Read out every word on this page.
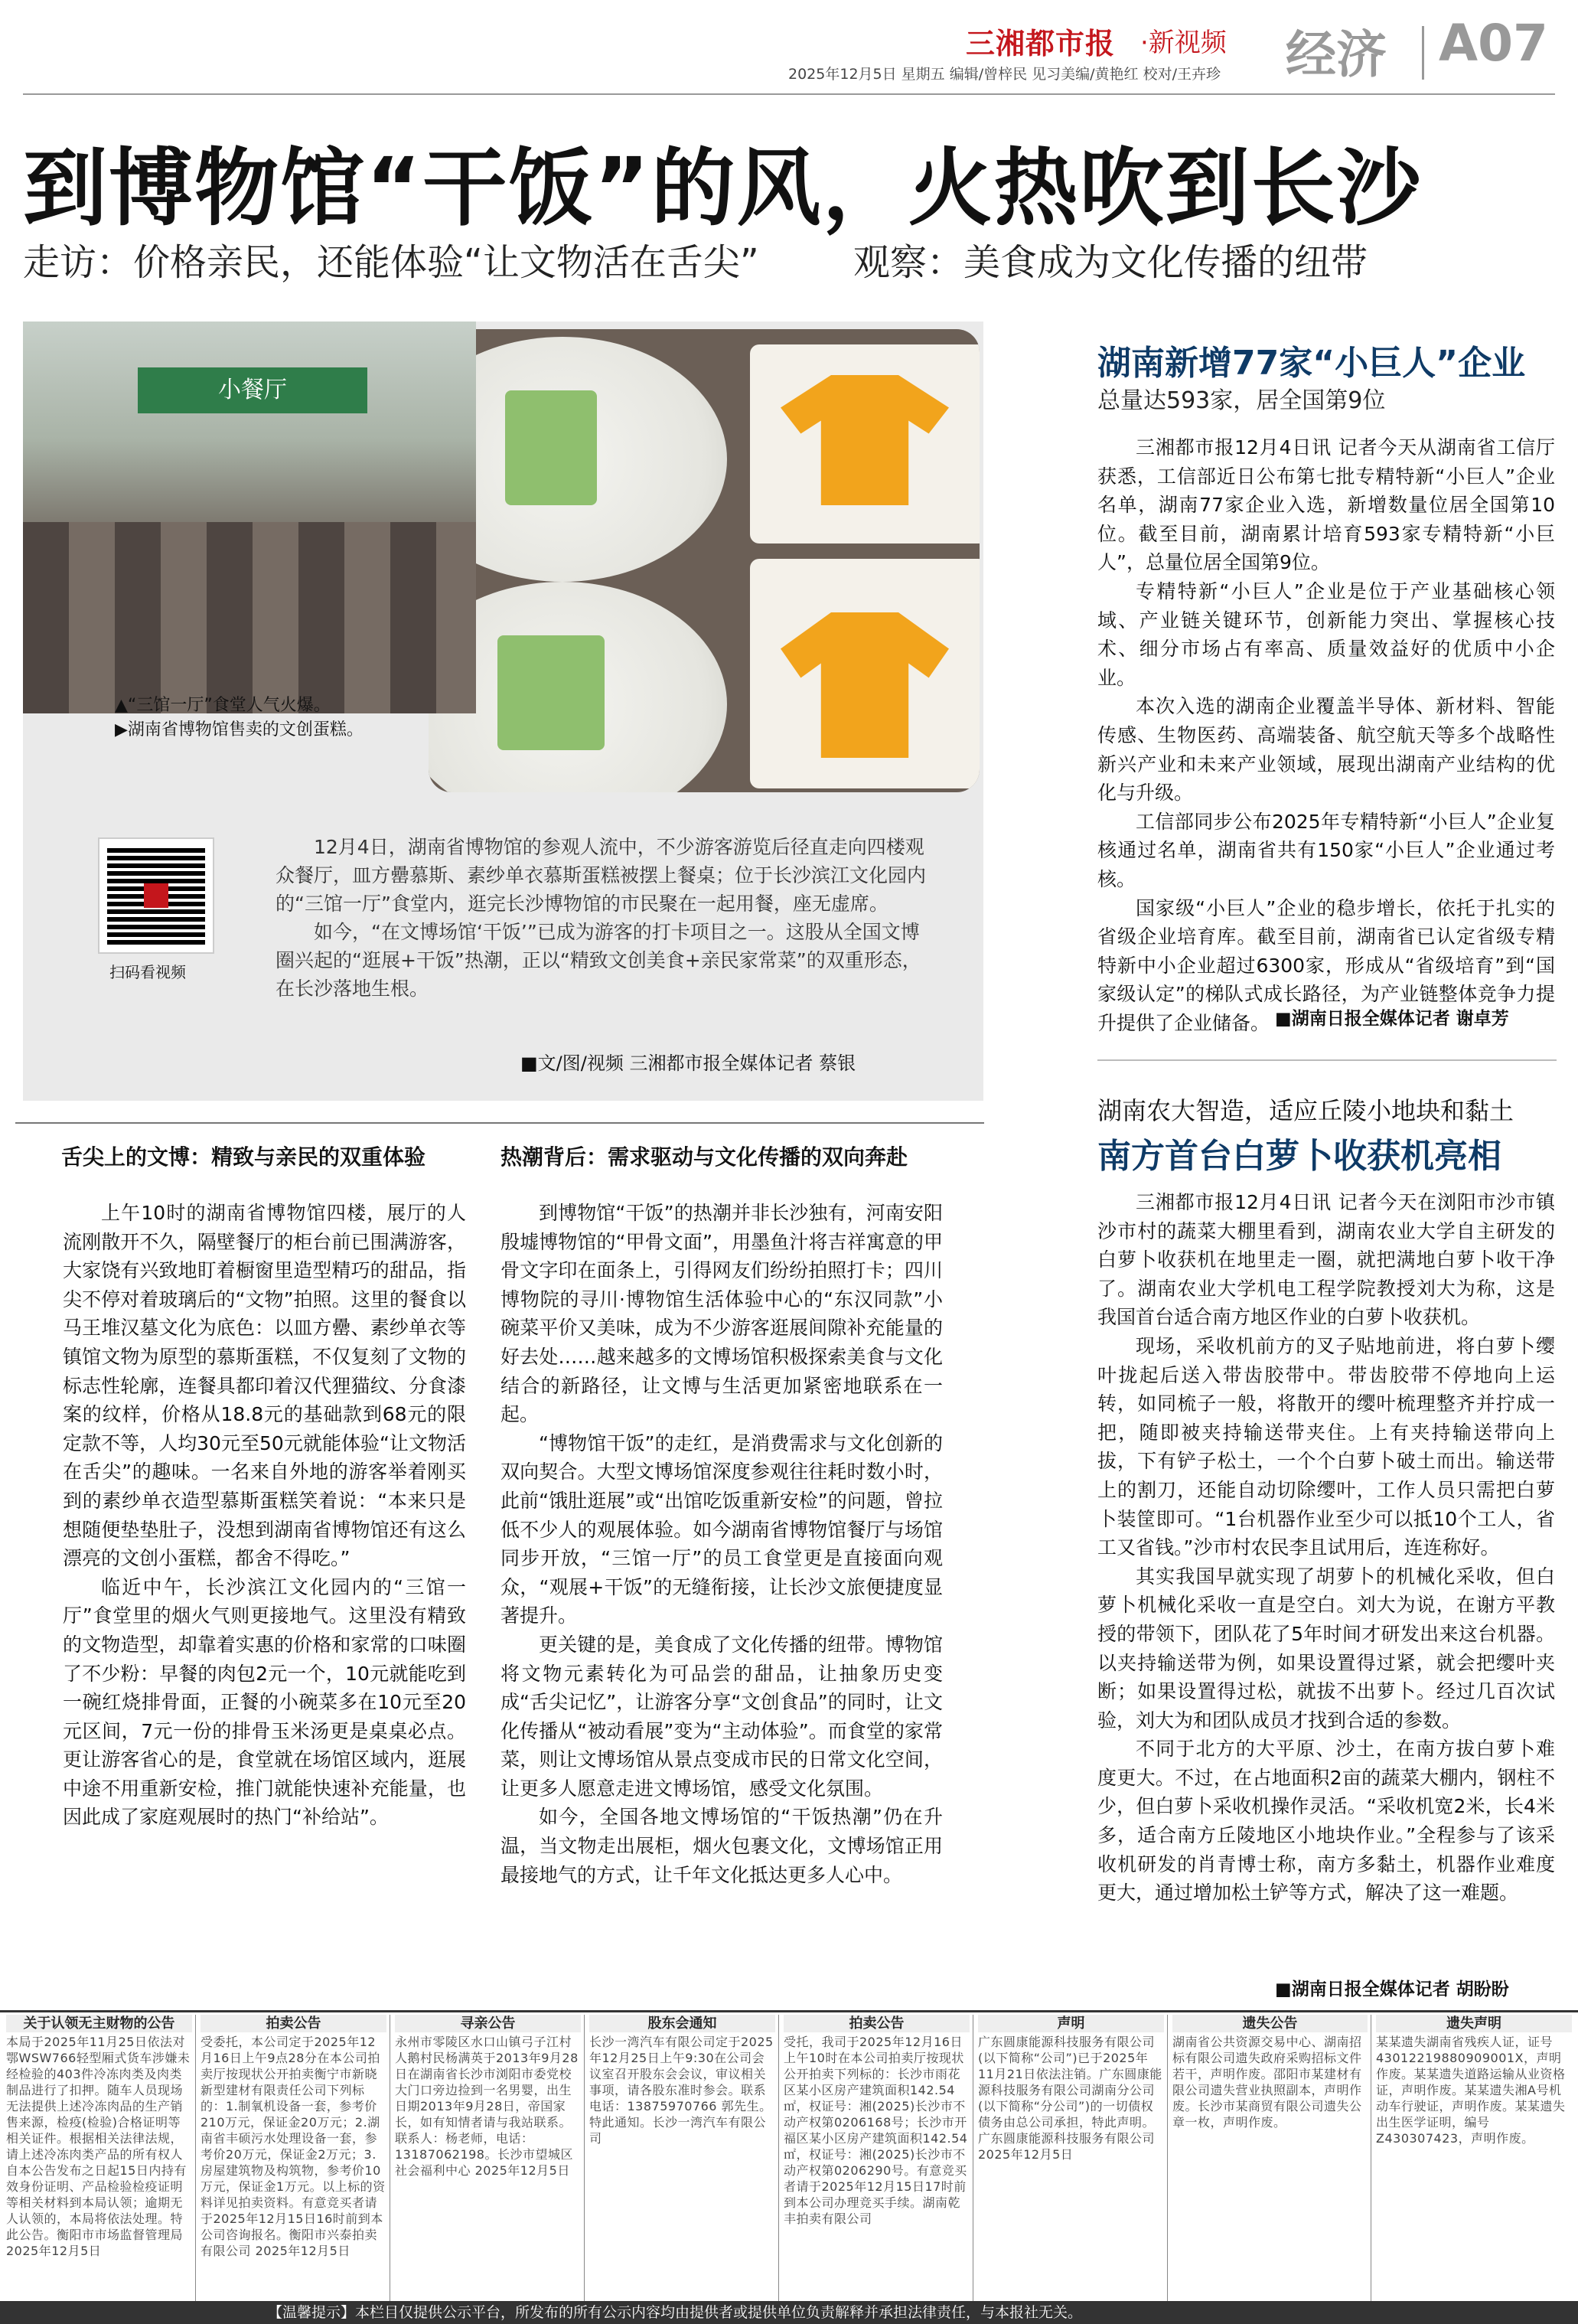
三湘都市报 ·新视频
2025年12月5日 星期五 编辑/曾梓民 见习美编/黄艳红 校对/王卉珍 经济 A07
到博物馆“干饭”的风，火热吹到长沙
走访：价格亲民，还能体验“让文物活在舌尖”	观察：美食成为文化传播的纽带
小餐厅
▲“三馆一厅”食堂人气火爆。
▶湖南省博物馆售卖的文创蛋糕。
扫码看视频

12月4日，湖南省博物馆的参观人流中，不少游客游览后径直走向四楼观众餐厅，皿方罍慕斯、素纱单衣慕斯蛋糕被摆上餐桌；位于长沙滨江文化园内的“三馆一厅”食堂内，逛完长沙博物馆的市民聚在一起用餐，座无虚席。

如今，“在文博场馆‘干饭’”已成为游客的打卡项目之一。这股从全国文博圈兴起的“逛展+干饭”热潮，正以“精致文创美食+亲民家常菜”的双重形态，在长沙落地生根。

■文/图/视频 三湘都市报全媒体记者 蔡银
舌尖上的文博：精致与亲民的双重体验	热潮背后：需求驱动与文化传播的双向奔赴

上午10时的湖南省博物馆四楼，展厅的人流刚散开不久，隔壁餐厅的柜台前已围满游客，大家饶有兴致地盯着橱窗里造型精巧的甜品，指尖不停对着玻璃后的“文物”拍照。这里的餐食以马王堆汉墓文化为底色：以皿方罍、素纱单衣等镇馆文物为原型的慕斯蛋糕，不仅复刻了文物的标志性轮廓，连餐具都印着汉代狸猫纹、分食漆案的纹样，价格从18.8元的基础款到68元的限定款不等，人均30元至50元就能体验“让文物活在舌尖”的趣味。一名来自外地的游客举着刚买到的素纱单衣造型慕斯蛋糕笑着说：“本来只是想随便垫垫肚子，没想到湖南省博物馆还有这么漂亮的文创小蛋糕，都舍不得吃。”

临近中午，长沙滨江文化园内的“三馆一厅”食堂里的烟火气则更接地气。这里没有精致的文物造型，却靠着实惠的价格和家常的口味圈了不少粉：早餐的肉包2元一个，10元就能吃到一碗红烧排骨面，正餐的小碗菜多在10元至20元区间，7元一份的排骨玉米汤更是桌桌必点。更让游客省心的是，食堂就在场馆区域内，逛展中途不用重新安检，推门就能快速补充能量，也因此成了家庭观展时的热门“补给站”。

到博物馆“干饭”的热潮并非长沙独有，河南安阳殷墟博物馆的“甲骨文面”，用墨鱼汁将吉祥寓意的甲骨文字印在面条上，引得网友们纷纷拍照打卡；四川博物院的寻川·博物馆生活体验中心的“东汉同款”小碗菜平价又美味，成为不少游客逛展间隙补充能量的好去处……越来越多的文博场馆积极探索美食与文化结合的新路径，让文博与生活更加紧密地联系在一起。

“博物馆干饭”的走红，是消费需求与文化创新的双向契合。大型文博场馆深度参观往往耗时数小时，此前“饿肚逛展”或“出馆吃饭重新安检”的问题，曾拉低不少人的观展体验。如今湖南省博物馆餐厅与场馆同步开放，“三馆一厅”的员工食堂更是直接面向观众，“观展+干饭”的无缝衔接，让长沙文旅便捷度显著提升。

更关键的是，美食成了文化传播的纽带。博物馆将文物元素转化为可品尝的甜品，让抽象历史变成“舌尖记忆”，让游客分享“文创食品”的同时，让文化传播从“被动看展”变为“主动体验”。而食堂的家常菜，则让文博场馆从景点变成市民的日常文化空间，让更多人愿意走进文博场馆，感受文化氛围。

如今，全国各地文博场馆的“干饭热潮”仍在升温，当文物走出展柜，烟火包裹文化，文博场馆正用最接地气的方式，让千年文化抵达更多人心中。

湖南新增77家“小巨人”企业
总量达593家，居全国第9位

三湘都市报12月4日讯 记者今天从湖南省工信厅获悉，工信部近日公布第七批专精特新“小巨人”企业名单，湖南77家企业入选，新增数量位居全国第10位。截至目前，湖南累计培育593家专精特新“小巨人”，总量位居全国第9位。

专精特新“小巨人”企业是位于产业基础核心领域、产业链关键环节，创新能力突出、掌握核心技术、细分市场占有率高、质量效益好的优质中小企业。

本次入选的湖南企业覆盖半导体、新材料、智能传感、生物医药、高端装备、航空航天等多个战略性新兴产业和未来产业领域，展现出湖南产业结构的优化与升级。

工信部同步公布2025年专精特新“小巨人”企业复核通过名单，湖南省共有150家“小巨人”企业通过考核。

国家级“小巨人”企业的稳步增长，依托于扎实的省级企业培育库。截至目前，湖南省已认定省级专精特新中小企业超过6300家，形成从“省级培育”到“国家级认定”的梯队式成长路径，为产业链整体竞争力提升提供了企业储备。 ■湖南日报全媒体记者 谢卓芳
湖南农大智造，适应丘陵小地块和黏土
南方首台白萝卜收获机亮相

三湘都市报12月4日讯 记者今天在浏阳市沙市镇沙市村的蔬菜大棚里看到，湖南农业大学自主研发的白萝卜收获机在地里走一圈，就把满地白萝卜收干净了。湖南农业大学机电工程学院教授刘大为称，这是我国首台适合南方地区作业的白萝卜收获机。

现场，采收机前方的叉子贴地前进，将白萝卜缨叶拢起后送入带齿胶带中。带齿胶带不停地向上运转，如同梳子一般，将散开的缨叶梳理整齐并拧成一把，随即被夹持输送带夹住。上有夹持输送带向上拔，下有铲子松土，一个个白萝卜破土而出。输送带上的割刀，还能自动切除缨叶，工作人员只需把白萝卜装筐即可。“1台机器作业至少可以抵10个工人，省工又省钱。”沙市村农民李且试用后，连连称好。

其实我国早就实现了胡萝卜的机械化采收，但白萝卜机械化采收一直是空白。刘大为说，在谢方平教授的带领下，团队花了5年时间才研发出来这台机器。以夹持输送带为例，如果设置得过紧，就会把缨叶夹断；如果设置得过松，就拔不出萝卜。经过几百次试验，刘大为和团队成员才找到合适的参数。

不同于北方的大平原、沙土，在南方拔白萝卜难度更大。不过，在占地面积2亩的蔬菜大棚内，钢柱不少，但白萝卜采收机操作灵活。“采收机宽2米，长4米多，适合南方丘陵地区小地块作业。”全程参与了该采收机研发的肖青博士称，南方多黏土，机器作业难度更大，通过增加松土铲等方式，解决了这一难题。

■湖南日报全媒体记者 胡盼盼
关于认领无主财物的公告
本局于2025年11月25日依法对鄂WSW766轻型厢式货车涉嫌未经检验的403件冷冻肉类及肉类制品进行了扣押。随车人员现场无法提供上述冷冻肉品的生产销售来源，检疫(检验)合格证明等相关证件。根据相关法律法规，请上述冷冻肉类产品的所有权人自本公告发布之日起15日内持有效身份证明、产品检验检疫证明等相关材料到本局认领；逾期无人认领的，本局将依法处理。特此公告。衡阳市市场监督管理局 2025年12月5日
拍卖公告
受委托，本公司定于2025年12月16日上午9点28分在本公司拍卖厅按现状公开拍卖衡宁市新晓新型建材有限责任公司下列标的：1.制氧机设备一套，参考价210万元，保证金20万元；2.湖南省丰硕污水处理设备一套，参考价20万元，保证金2万元；3.房屋建筑物及构筑物，参考价10万元，保证金1万元。以上标的资料详见拍卖资料。有意竞买者请于2025年12月15日16时前到本公司咨询报名。衡阳市兴泰拍卖有限公司 2025年12月5日
寻亲公告
永州市零陵区水口山镇弓子江村人鹅村民杨满英于2013年9月28日在湖南省长沙市浏阳市委党校大门口旁边捡到一名男婴，出生日期2013年9月28日，帝国家长，如有知情者请与我站联系。联系人：杨老师，电话：13187062198。长沙市望城区社会福利中心 2025年12月5日
股东会通知
长沙一湾汽车有限公司定于2025年12月25日上午9:30在公司会议室召开股东会会议，审议相关事项，请各股东准时参会。联系电话：13875970766 郭先生。特此通知。长沙一湾汽车有限公司
拍卖公告
受托，我司于2025年12月16日上午10时在本公司拍卖厅按现状公开拍卖下列标的：长沙市雨花区某小区房产建筑面积142.54㎡，权证号：湘(2025)长沙市不动产权第0206168号；长沙市开福区某小区房产建筑面积142.54㎡，权证号：湘(2025)长沙市不动产权第0206290号。有意竞买者请于2025年12月15日17时前到本公司办理竞买手续。湖南乾丰拍卖有限公司
声明
广东圆康能源科技服务有限公司(以下简称“公司”)已于2025年11月21日依法注销。广东圆康能源科技服务有限公司湖南分公司(以下简称“分公司”)的一切债权债务由总公司承担，特此声明。广东圆康能源科技服务有限公司 2025年12月5日
遗失公告
湖南省公共资源交易中心、湖南招标有限公司遗失政府采购招标文件若干，声明作废。邵阳市某建材有限公司遗失营业执照副本，声明作废。长沙市某商贸有限公司遗失公章一枚，声明作废。
遗失声明
某某遗失湖南省残疾人证，证号43012219880909001X，声明作废。某某遗失道路运输从业资格证，声明作废。某某遗失湘A号机动车行驶证，声明作废。某某遗失出生医学证明，编号Z430307423，声明作废。
【温馨提示】本栏目仅提供公示平台，所发布的所有公示内容均由提供者或提供单位负责解释并承担法律责任，与本报社无关。
